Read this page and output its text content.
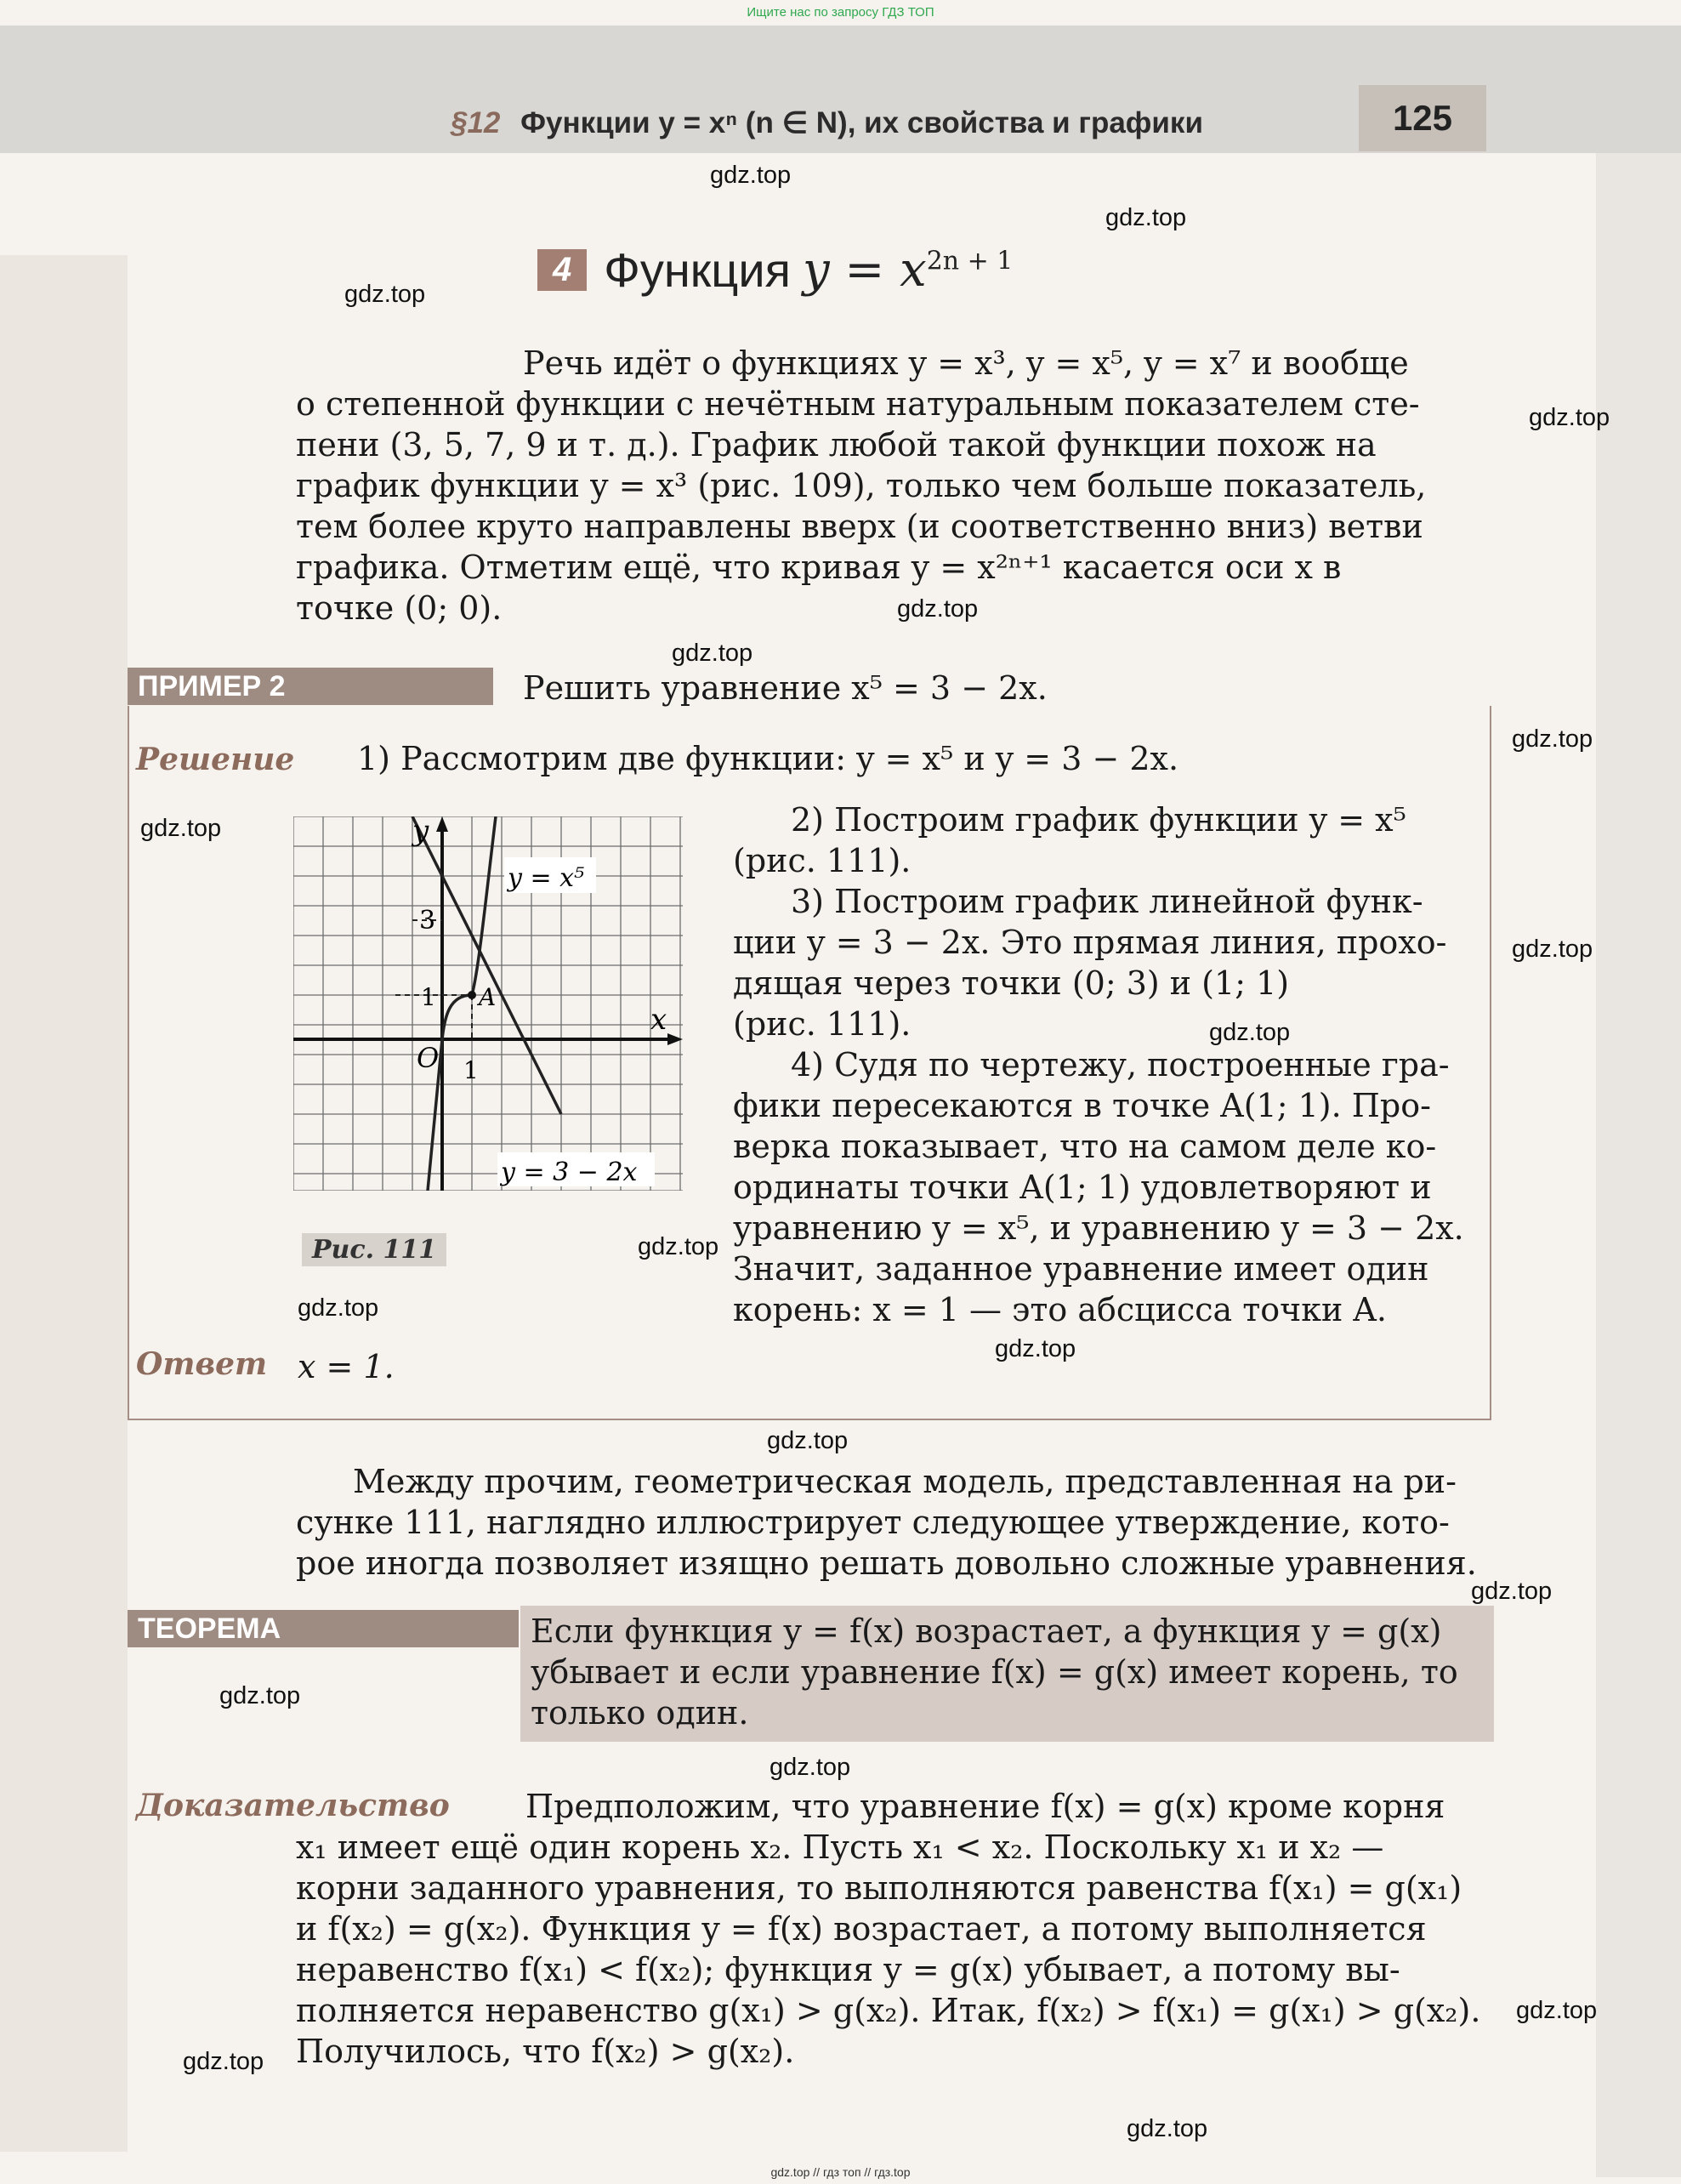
Ищите нас по запросу ГДЗ ТОП
§12 Функции y = xⁿ (n ∈ N), их свойства и графики	125
gdz.top
gdz.top
gdz.top
gdz.top
gdz.top
gdz.top
gdz.top
gdz.top
gdz.top
gdz.top
gdz.top
gdz.top
gdz.top
gdz.top
gdz.top
gdz.top
gdz.top
gdz.top
gdz.top
gdz.top
4 Функция $y = x^{2n + 1}$
Речь идёт о функциях y = x³, y = x⁵, y = x⁷ и вообще
о степенной функции с нечётным натуральным показателем сте-
пени (3, 5, 7, 9 и т. д.). График любой такой функции похож на
график функции y = x³ (рис. 109), только чем больше показатель,
тем более круто направлены вверх (и соответственно вниз) ветви
графика. Отметим ещё, что кривая y = x²ⁿ⁺¹ касается оси x в
точке (0; 0).
ПРИМЕР 2	Решить уравнение x⁵ = 3 − 2x.
Решение 1) Рассмотрим две функции: y = x⁵ и y = 3 − 2x.
2) Построим график функции y = x⁵
(рис. 111).
3) Построим график линейной функ-
ции y = 3 − 2x. Это прямая линия, прохо-
дящая через точки (0; 3) и (1; 1)
(рис. 111).
4) Судя по чертежу, построенные гра-
фики пересекаются в точке A(1; 1). Про-
верка показывает, что на самом деле ко-
ординаты точки A(1; 1) удовлетворяют и
уравнению y = x⁵, и уравнению y = 3 − 2x.
Значит, заданное уравнение имеет один
корень: x = 1 — это абсцисса точки A.
y
x
O
3
1
1
A
y = x⁵
y = 3 − 2x
Рис. 111
Ответ x = 1.
Между прочим, геометрическая модель, представленная на ри-
сунке 111, наглядно иллюстрирует следующее утверждение, кото-
рое иногда позволяет изящно решать довольно сложные уравнения.
ТЕОРЕМА	Если функция y = f(x) возрастает, а функция y = g(x)
убывает и если уравнение f(x) = g(x) имеет корень, то
только один.
Доказательство Предположим, что уравнение f(x) = g(x) кроме корня
x₁ имеет ещё один корень x₂. Пусть x₁ < x₂. Поскольку x₁ и x₂ —
корни заданного уравнения, то выполняются равенства f(x₁) = g(x₁)
и f(x₂) = g(x₂). Функция y = f(x) возрастает, а потому выполняется
неравенство f(x₁) < f(x₂); функция y = g(x) убывает, а потому вы-
полняется неравенство g(x₁) > g(x₂). Итак, f(x₂) > f(x₁) = g(x₁) > g(x₂).
Получилось, что f(x₂) > g(x₂).
gdz.top // гдз топ // гдз.top
